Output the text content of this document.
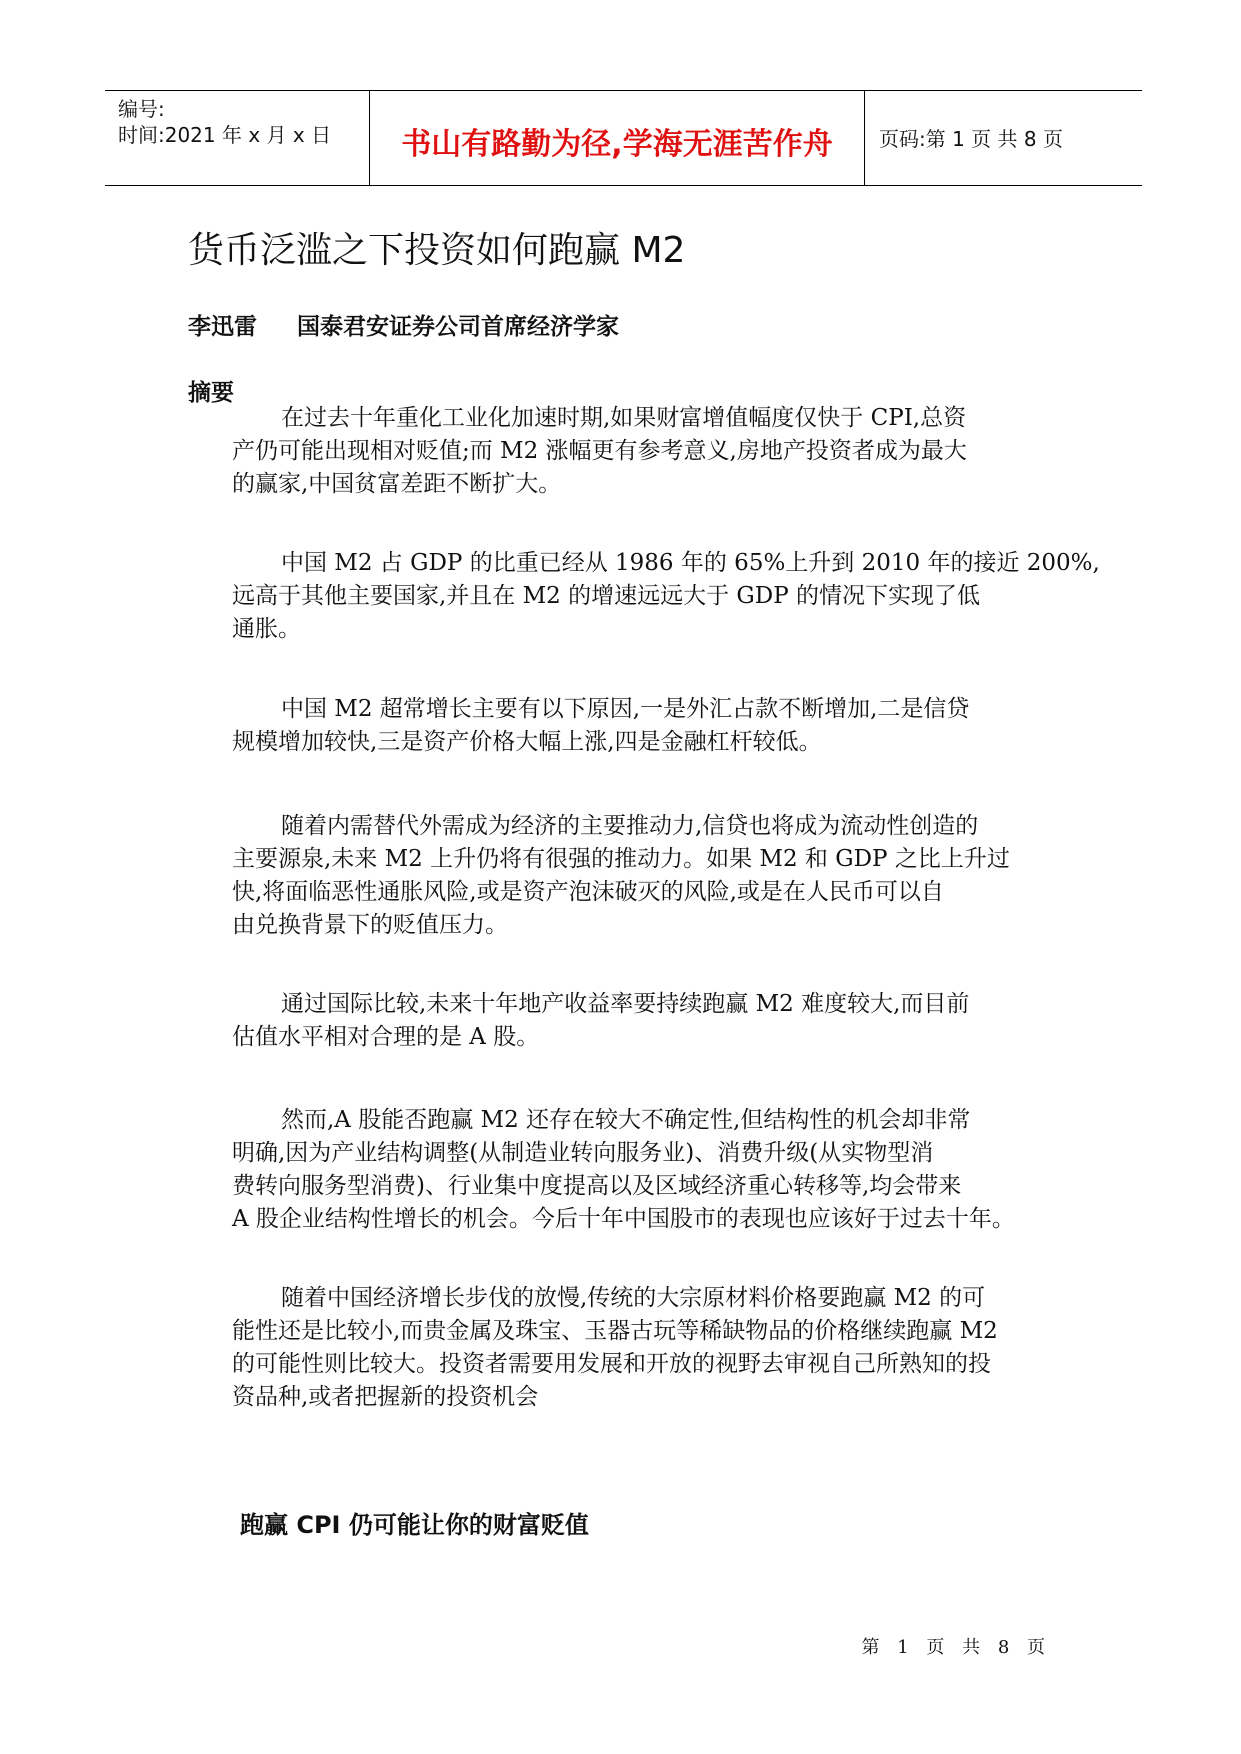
编号:
时间:2021 年 x 月 x 日	书山有路勤为径,学海无涯苦作舟	页码:第 1 页 共 8 页
货币泛滥之下投资如何跑赢 M2
李迅雷 国泰君安证券公司首席经济学家
摘要
在过去十年重化工业化加速时期,如果财富增值幅度仅快于 CPI,总资
产仍可能出现相对贬值;而 M2 涨幅更有参考意义,房地产投资者成为最大
的赢家,中国贫富差距不断扩大。
中国 M2 占 GDP 的比重已经从 1986 年的 65%上升到 2010 年的接近 200%,
远高于其他主要国家,并且在 M2 的增速远远大于 GDP 的情况下实现了低
通胀。
中国 M2 超常增长主要有以下原因,一是外汇占款不断增加,二是信贷
规模增加较快,三是资产价格大幅上涨,四是金融杠杆较低。
随着内需替代外需成为经济的主要推动力,信贷也将成为流动性创造的
主要源泉,未来 M2 上升仍将有很强的推动力。如果 M2 和 GDP 之比上升过
快,将面临恶性通胀风险,或是资产泡沫破灭的风险,或是在人民币可以自
由兑换背景下的贬值压力。
通过国际比较,未来十年地产收益率要持续跑赢 M2 难度较大,而目前
估值水平相对合理的是 A 股。
然而,A 股能否跑赢 M2 还存在较大不确定性,但结构性的机会却非常
明确,因为产业结构调整(从制造业转向服务业)、消费升级(从实物型消
费转向服务型消费)、行业集中度提高以及区域经济重心转移等,均会带来
A 股企业结构性增长的机会。今后十年中国股市的表现也应该好于过去十年。
随着中国经济增长步伐的放慢,传统的大宗原材料价格要跑赢 M2 的可
能性还是比较小,而贵金属及珠宝、玉器古玩等稀缺物品的价格继续跑赢 M2
的可能性则比较大。投资者需要用发展和开放的视野去审视自己所熟知的投
资品种,或者把握新的投资机会
跑赢 CPI 仍可能让你的财富贬值
第 1 页 共 8 页
